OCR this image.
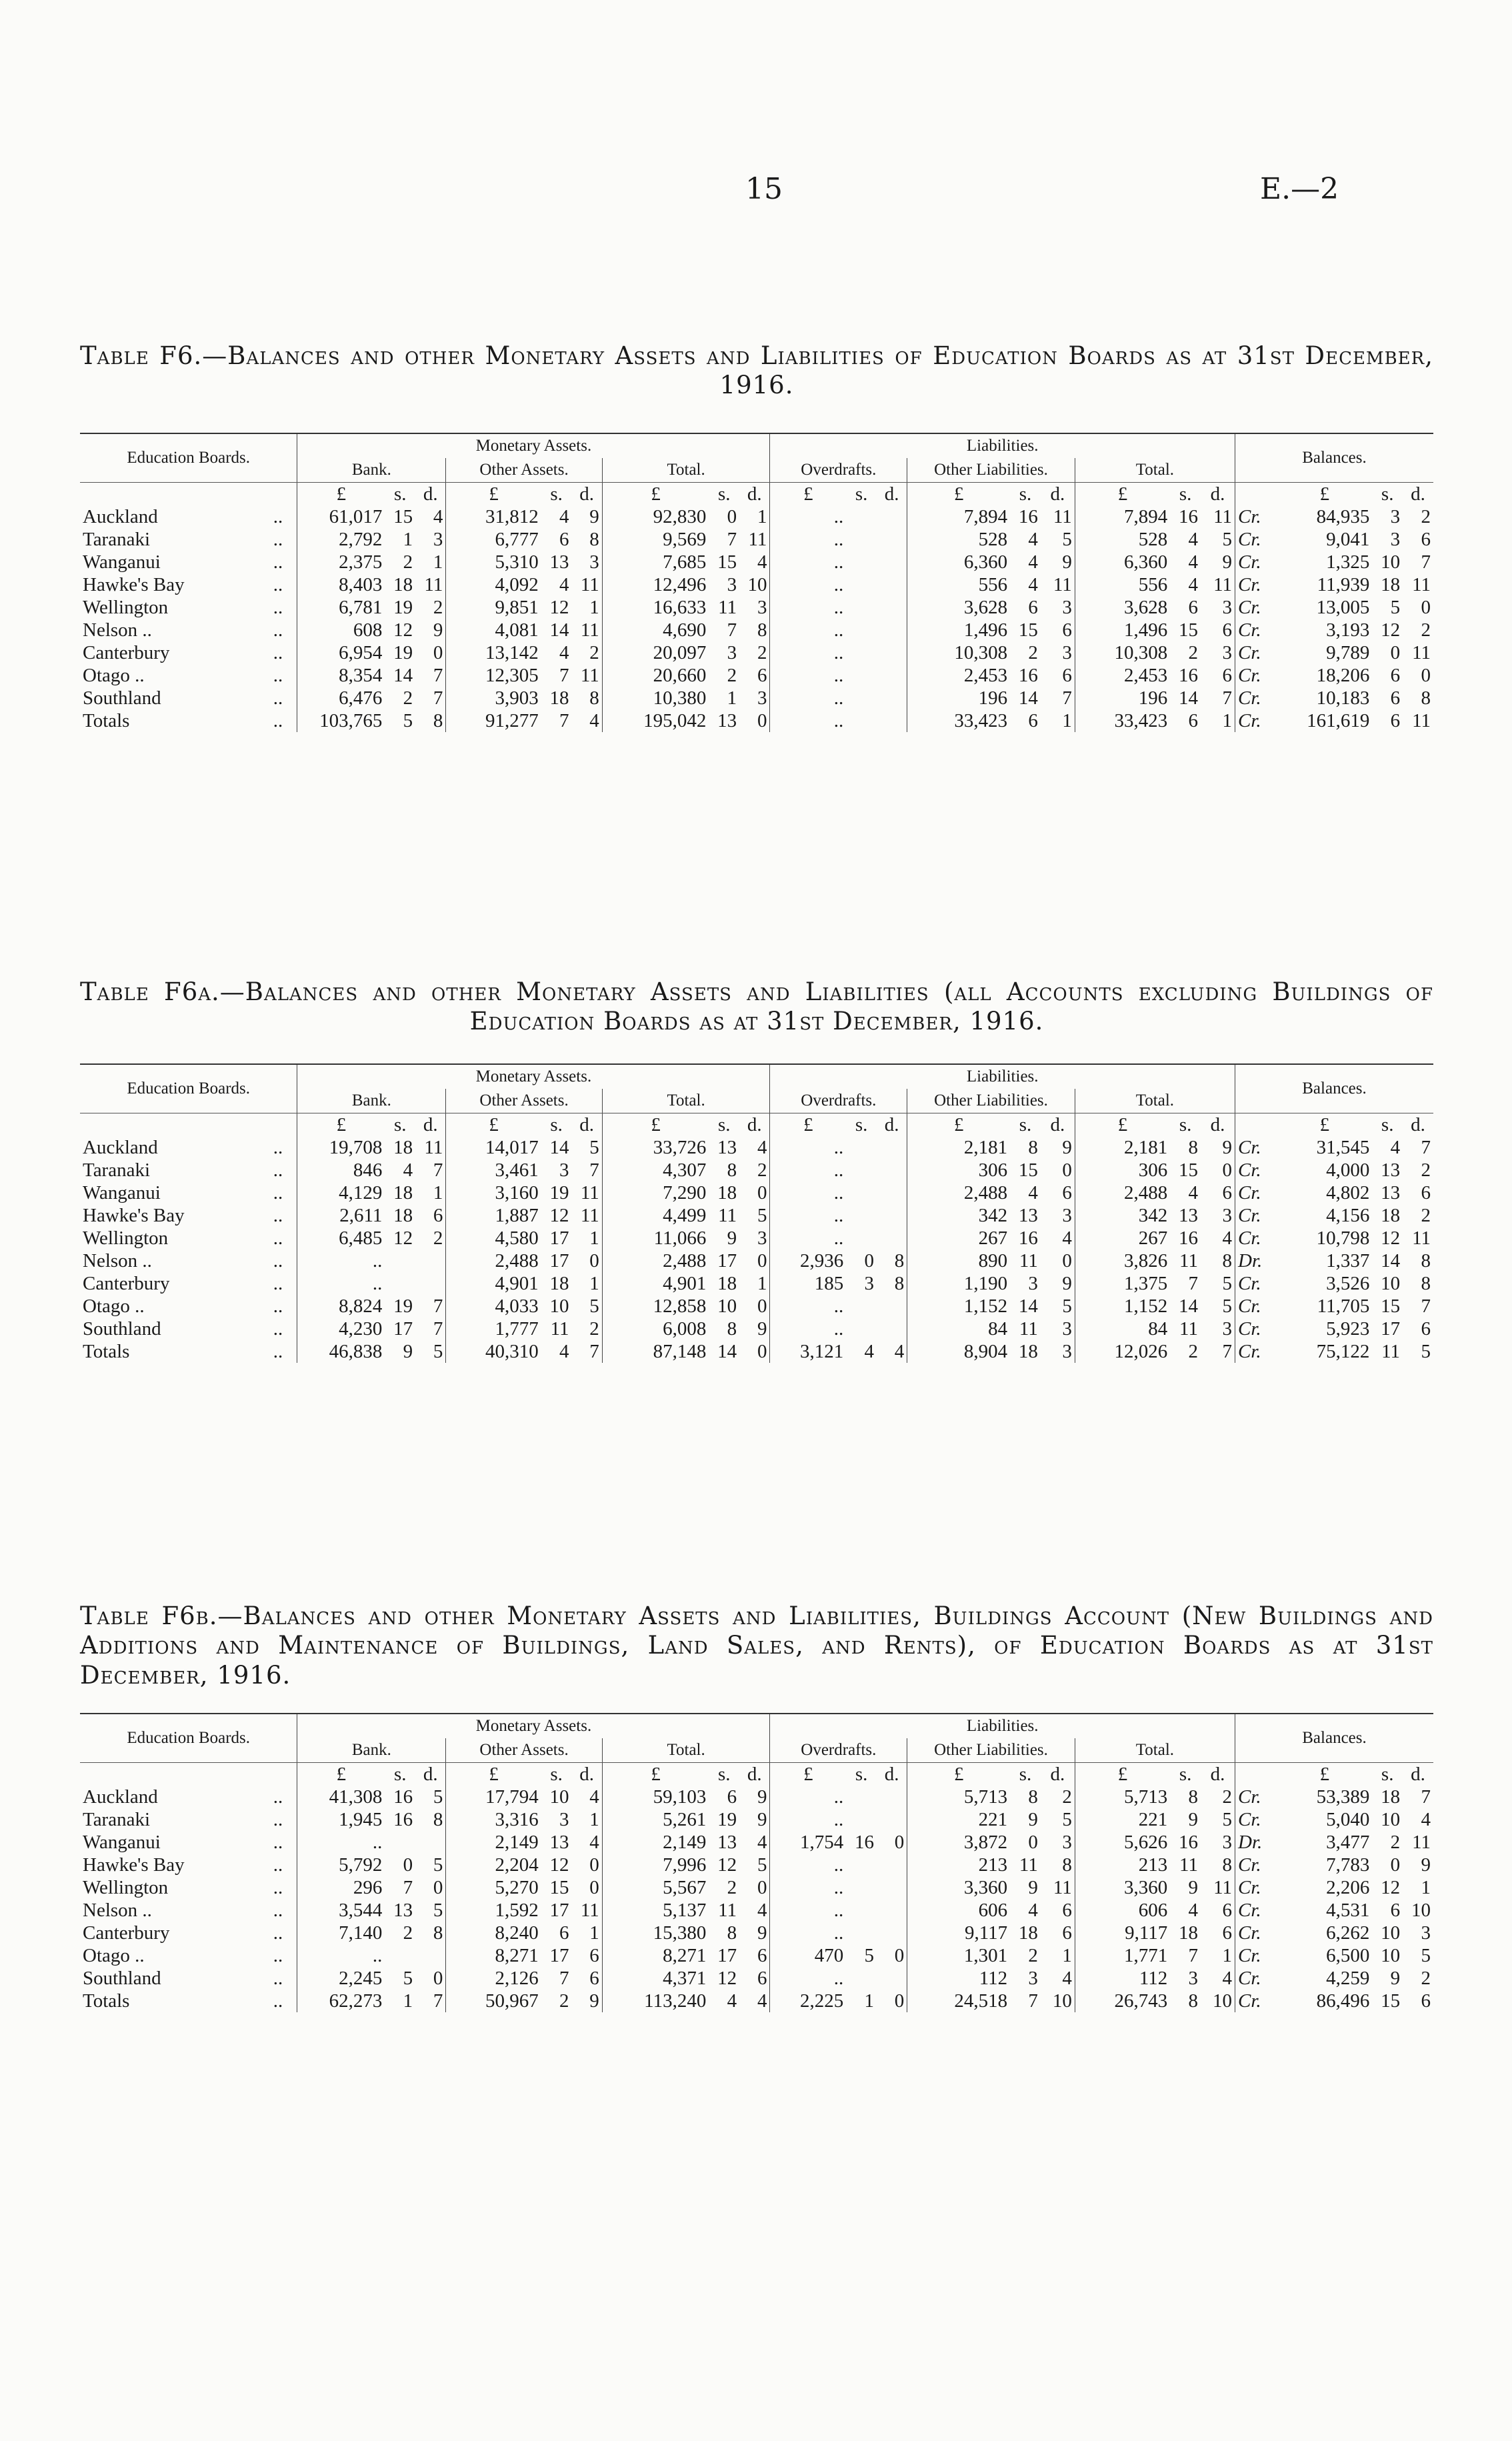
15	E.—2
Table F6.—Balances and other Monetary Assets and Liabilities of Education Boards as at 31st December, 1916.
Education Boards.		Monetary Assets.									Liabilities.									Balances.			
		Bank.			Other Assets.			Total.			Overdrafts.			Other Liabilities.			Total.						
		£	s.	d.	£	s.	d.	£	s.	d.	£	s.	d.	£	s.	d.	£	s.	d.		£	s.	d.
Auckland	..	61,017	15	4	31,812	4	9	92,830	0	1	..			7,894	16	11	7,894	16	11	Cr.	84,935	3	2
Taranaki	..	2,792	1	3	6,777	6	8	9,569	7	11	..			528	4	5	528	4	5	Cr.	9,041	3	6
Wanganui	..	2,375	2	1	5,310	13	3	7,685	15	4	..			6,360	4	9	6,360	4	9	Cr.	1,325	10	7
Hawke's Bay	..	8,403	18	11	4,092	4	11	12,496	3	10	..			556	4	11	556	4	11	Cr.	11,939	18	11
Wellington	..	6,781	19	2	9,851	12	1	16,633	11	3	..			3,628	6	3	3,628	6	3	Cr.	13,005	5	0
Nelson ..	..	608	12	9	4,081	14	11	4,690	7	8	..			1,496	15	6	1,496	15	6	Cr.	3,193	12	2
Canterbury	..	6,954	19	0	13,142	4	2	20,097	3	2	..			10,308	2	3	10,308	2	3	Cr.	9,789	0	11
Otago ..	..	8,354	14	7	12,305	7	11	20,660	2	6	..			2,453	16	6	2,453	16	6	Cr.	18,206	6	0
Southland	..	6,476	2	7	3,903	18	8	10,380	1	3	..			196	14	7	196	14	7	Cr.	10,183	6	8
Totals	..	103,765	5	8	91,277	7	4	195,042	13	0	..			33,423	6	1	33,423	6	1	Cr.	161,619	6	11
Table F6a.—Balances and other Monetary Assets and Liabilities (all Accounts excluding Buildings of Education Boards as at 31st December, 1916.
Education Boards.		Monetary Assets.									Liabilities.									Balances.			
		Bank.			Other Assets.			Total.			Overdrafts.			Other Liabilities.			Total.						
		£	s.	d.	£	s.	d.	£	s.	d.	£	s.	d.	£	s.	d.	£	s.	d.		£	s.	d.
Auckland	..	19,708	18	11	14,017	14	5	33,726	13	4	..			2,181	8	9	2,181	8	9	Cr.	31,545	4	7
Taranaki	..	846	4	7	3,461	3	7	4,307	8	2	..			306	15	0	306	15	0	Cr.	4,000	13	2
Wanganui	..	4,129	18	1	3,160	19	11	7,290	18	0	..			2,488	4	6	2,488	4	6	Cr.	4,802	13	6
Hawke's Bay	..	2,611	18	6	1,887	12	11	4,499	11	5	..			342	13	3	342	13	3	Cr.	4,156	18	2
Wellington	..	6,485	12	2	4,580	17	1	11,066	9	3	..			267	16	4	267	16	4	Cr.	10,798	12	11
Nelson ..	..	..			2,488	17	0	2,488	17	0	2,936	0	8	890	11	0	3,826	11	8	Dr.	1,337	14	8
Canterbury	..	..			4,901	18	1	4,901	18	1	185	3	8	1,190	3	9	1,375	7	5	Cr.	3,526	10	8
Otago ..	..	8,824	19	7	4,033	10	5	12,858	10	0	..			1,152	14	5	1,152	14	5	Cr.	11,705	15	7
Southland	..	4,230	17	7	1,777	11	2	6,008	8	9	..			84	11	3	84	11	3	Cr.	5,923	17	6
Totals	..	46,838	9	5	40,310	4	7	87,148	14	0	3,121	4	4	8,904	18	3	12,026	2	7	Cr.	75,122	11	5
Table F6b.—Balances and other Monetary Assets and Liabilities, Buildings Account (New Buildings and Additions and Maintenance of Buildings, Land Sales, and Rents), of Education Boards as at 31st December, 1916.
Education Boards.		Monetary Assets.									Liabilities.									Balances.			
		Bank.			Other Assets.			Total.			Overdrafts.			Other Liabilities.			Total.						
		£	s.	d.	£	s.	d.	£	s.	d.	£	s.	d.	£	s.	d.	£	s.	d.		£	s.	d.
Auckland	..	41,308	16	5	17,794	10	4	59,103	6	9	..			5,713	8	2	5,713	8	2	Cr.	53,389	18	7
Taranaki	..	1,945	16	8	3,316	3	1	5,261	19	9	..			221	9	5	221	9	5	Cr.	5,040	10	4
Wanganui	..	..			2,149	13	4	2,149	13	4	1,754	16	0	3,872	0	3	5,626	16	3	Dr.	3,477	2	11
Hawke's Bay	..	5,792	0	5	2,204	12	0	7,996	12	5	..			213	11	8	213	11	8	Cr.	7,783	0	9
Wellington	..	296	7	0	5,270	15	0	5,567	2	0	..			3,360	9	11	3,360	9	11	Cr.	2,206	12	1
Nelson ..	..	3,544	13	5	1,592	17	11	5,137	11	4	..			606	4	6	606	4	6	Cr.	4,531	6	10
Canterbury	..	7,140	2	8	8,240	6	1	15,380	8	9	..			9,117	18	6	9,117	18	6	Cr.	6,262	10	3
Otago ..	..	..			8,271	17	6	8,271	17	6	470	5	0	1,301	2	1	1,771	7	1	Cr.	6,500	10	5
Southland	..	2,245	5	0	2,126	7	6	4,371	12	6	..			112	3	4	112	3	4	Cr.	4,259	9	2
Totals	..	62,273	1	7	50,967	2	9	113,240	4	4	2,225	1	0	24,518	7	10	26,743	8	10	Cr.	86,496	15	6
